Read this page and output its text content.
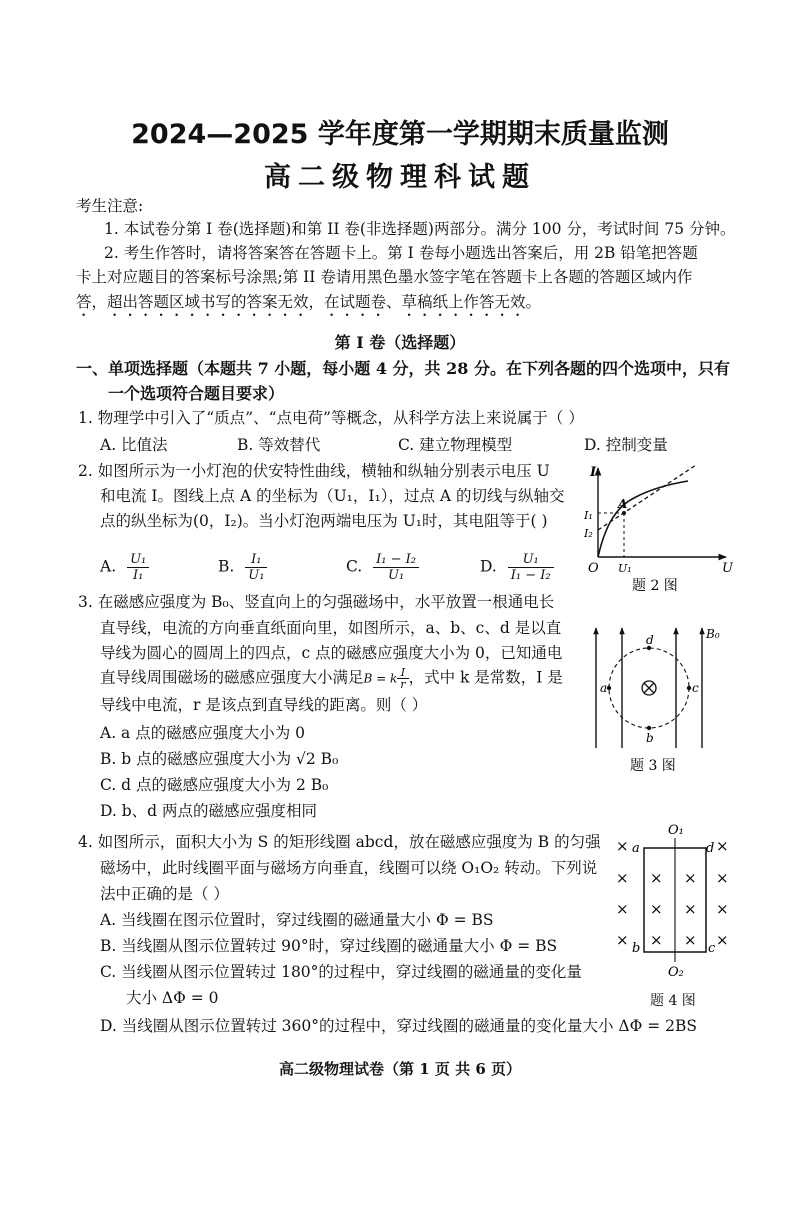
2024—2025 学年度第一学期期末质量监测
高二级物理科试题
考生注意:
1. 本试卷分第 I 卷(选择题)和第 II 卷(非选择题)两部分。满分 100 分，考试时间 75 分钟。
2. 考生作答时，请将答案答在答题卡上。第 I 卷每小题选出答案后，用 2B 铅笔把答题
卡上对应题目的答案标号涂黑;第 II 卷请用黑色墨水签字笔在答题卡上各题的答题区域内作
答，超出答题区域书写的答案无效，在试题卷、草稿纸上作答无效。
第 I 卷（选择题）
一、单项选择题（本题共 7 小题，每小题 4 分，共 28 分。在下列各题的四个选项中，只有
一个选项符合题目要求）
1. 物理学中引入了“质点”、“点电荷”等概念，从科学方法上来说属于（ ）
A. 比值法	B. 等效替代	C. 建立物理模型	D. 控制变量
2. 如图所示为一小灯泡的伏安特性曲线，横轴和纵轴分别表示电压 U
和电流 I。图线上点 A 的坐标为（U₁，I₁），过点 A 的切线与纵轴交
点的纵坐标为(0，I₂)。当小灯泡两端电压为 U₁时，其电阻等于( )
A. $\frac{\text{U₁}}{\text{I₁}}$	B. $\frac{\text{I₁}}{\text{U₁}}$	C. $\frac{\text{I₁ − I₂}}{\text{U₁}}$	D. $\frac{\text{U₁}}{\text{I₁ − I₂}}$
I
U
O
A
I₁
I₂
U₁
题 2 图
3. 在磁感应强度为 B₀、竖直向上的匀强磁场中，水平放置一根通电长
直导线，电流的方向垂直纸面向里，如图所示，a、b、c、d 是以直
导线为圆心的圆周上的四点，c 点的磁感应强度大小为 0，已知通电
直导线周围磁场的磁感应强度大小满足B = k $\frac{I}{r}$ ，式中 k 是常数，I 是
导线中电流，r 是该点到直导线的距离。则（ ）
A. a 点的磁感应强度大小为 0
B. b 点的磁感应强度大小为 √2 B₀
C. d 点的磁感应强度大小为 2 B₀
D. b、d 两点的磁感应强度相同
a	c
d
b
B₀
题 3 图
4. 如图所示，面积大小为 S 的矩形线圈 abcd，放在磁感应强度为 B 的匀强
磁场中，此时线圈平面与磁场方向垂直，线圈可以绕 O₁O₂ 转动。下列说
法中正确的是（ ）
A. 当线圈在图示位置时，穿过线圈的磁通量大小 Φ = BS
B. 当线圈从图示位置转过 90°时，穿过线圈的磁通量大小 Φ = BS
C. 当线圈从图示位置转过 180°的过程中，穿过线圈的磁通量的变化量
大小 ΔΦ = 0
D. 当线圈从图示位置转过 360°的过程中，穿过线圈的磁通量的变化量大小 ΔΦ = 2BS
×
×
×
×
×
×
×
×
×
×
×	×
×	×
O₁
O₂
a	d
b	c
题 4 图
高二级物理试卷（第 1 页 共 6 页）
